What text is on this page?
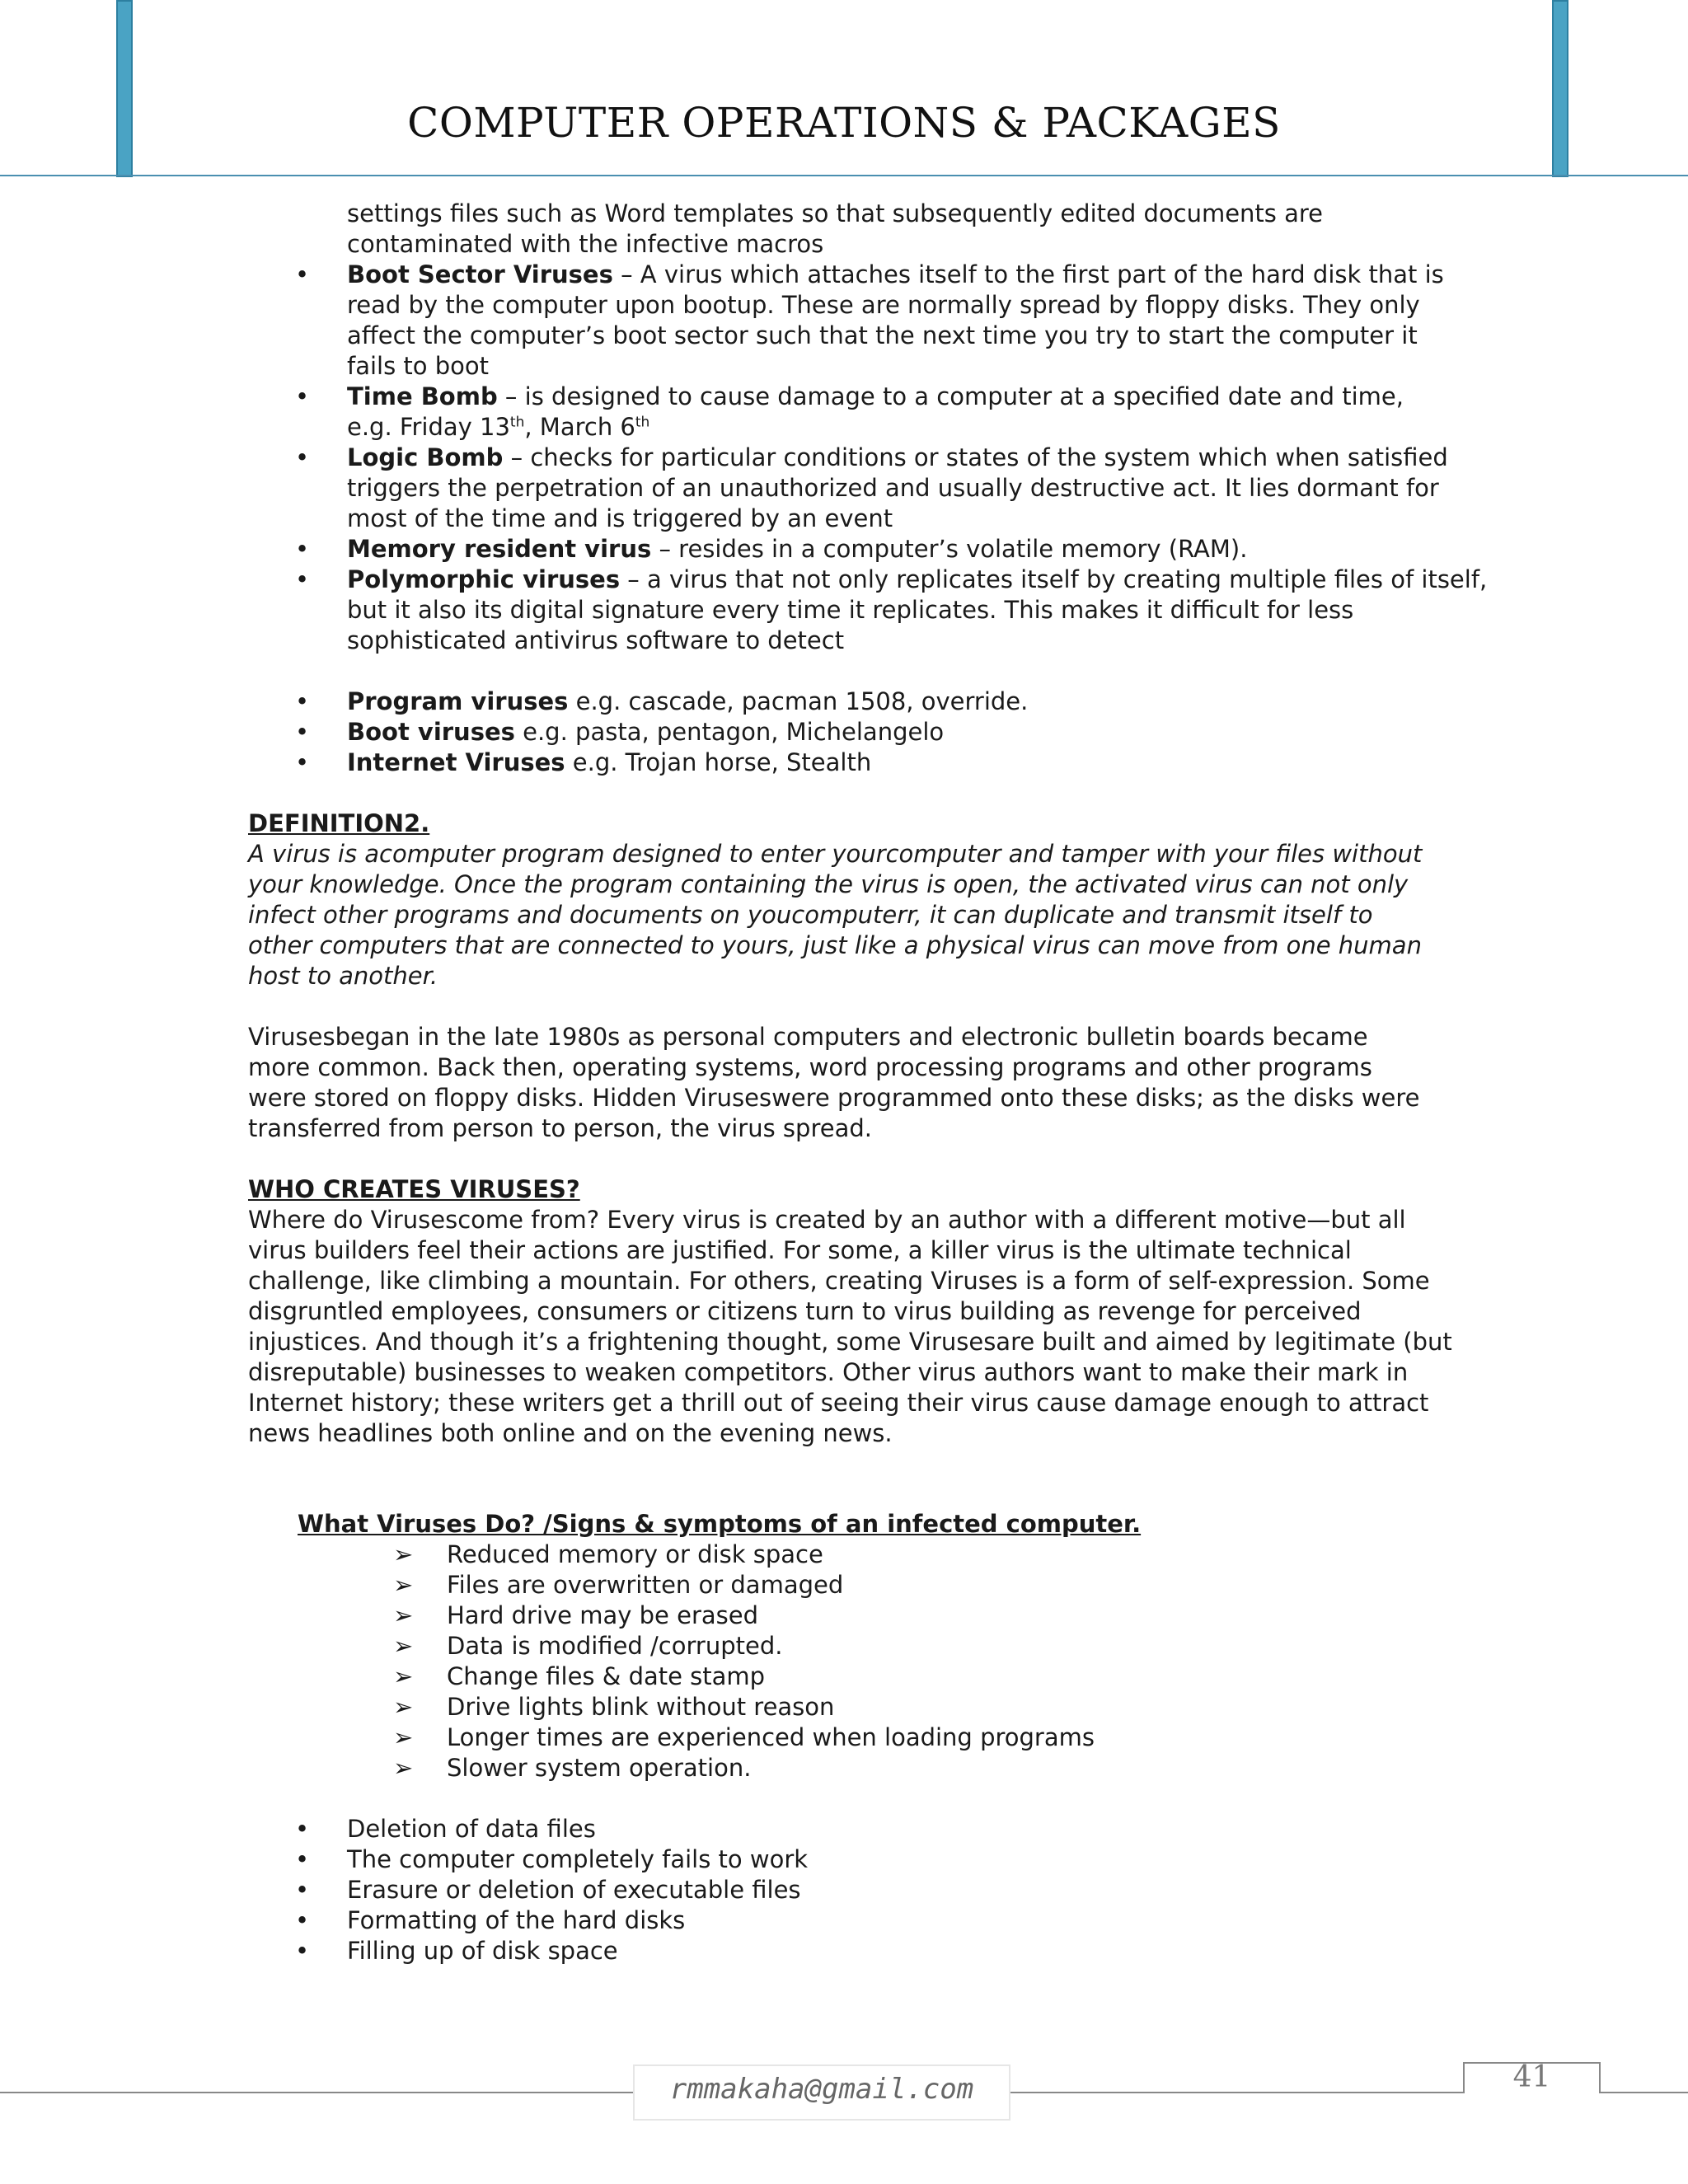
COMPUTER OPERATIONS & PACKAGES
settings files such as Word templates so that subsequently edited documents are
contaminated with the infective macros
• Boot Sector Viruses – A virus which attaches itself to the first part of the hard disk that is
read by the computer upon bootup. These are normally spread by floppy disks. They only
affect the computer’s boot sector such that the next time you try to start the computer it
fails to boot
• Time Bomb – is designed to cause damage to a computer at a specified date and time,
e.g. Friday 13th, March 6th
• Logic Bomb – checks for particular conditions or states of the system which when satisfied
triggers the perpetration of an unauthorized and usually destructive act. It lies dormant for
most of the time and is triggered by an event
• Memory resident virus – resides in a computer’s volatile memory (RAM).
• Polymorphic viruses – a virus that not only replicates itself by creating multiple files of itself,
but it also its digital signature every time it replicates. This makes it difficult for less
sophisticated antivirus software to detect
• Program viruses e.g. cascade, pacman 1508, override.
• Boot viruses e.g. pasta, pentagon, Michelangelo
• Internet Viruses e.g. Trojan horse, Stealth
DEFINITION2.
A virus is acomputer program designed to enter yourcomputer and tamper with your files without
your knowledge. Once the program containing the virus is open, the activated virus can not only
infect other programs and documents on youcomputerr, it can duplicate and transmit itself to
other computers that are connected to yours, just like a physical virus can move from one human
host to another.
Virusesbegan in the late 1980s as personal computers and electronic bulletin boards became
more common. Back then, operating systems, word processing programs and other programs
were stored on floppy disks. Hidden Viruseswere programmed onto these disks; as the disks were
transferred from person to person, the virus spread.
WHO CREATES VIRUSES?
Where do Virusescome from? Every virus is created by an author with a different motive—but all
virus builders feel their actions are justified. For some, a killer virus is the ultimate technical
challenge, like climbing a mountain. For others, creating Viruses is a form of self-expression. Some
disgruntled employees, consumers or citizens turn to virus building as revenge for perceived
injustices. And though it’s a frightening thought, some Virusesare built and aimed by legitimate (but
disreputable) businesses to weaken competitors. Other virus authors want to make their mark in
Internet history; these writers get a thrill out of seeing their virus cause damage enough to attract
news headlines both online and on the evening news.
What Viruses Do? /Signs & symptoms of an infected computer.
➢ Reduced memory or disk space
➢ Files are overwritten or damaged
➢ Hard drive may be erased
➢ Data is modified /corrupted.
➢ Change files & date stamp
➢ Drive lights blink without reason
➢ Longer times are experienced when loading programs
➢ Slower system operation.
• Deletion of data files
• The computer completely fails to work
• Erasure or deletion of executable files
• Formatting of the hard disks
• Filling up of disk space
rmmakaha@gmail.com	41
